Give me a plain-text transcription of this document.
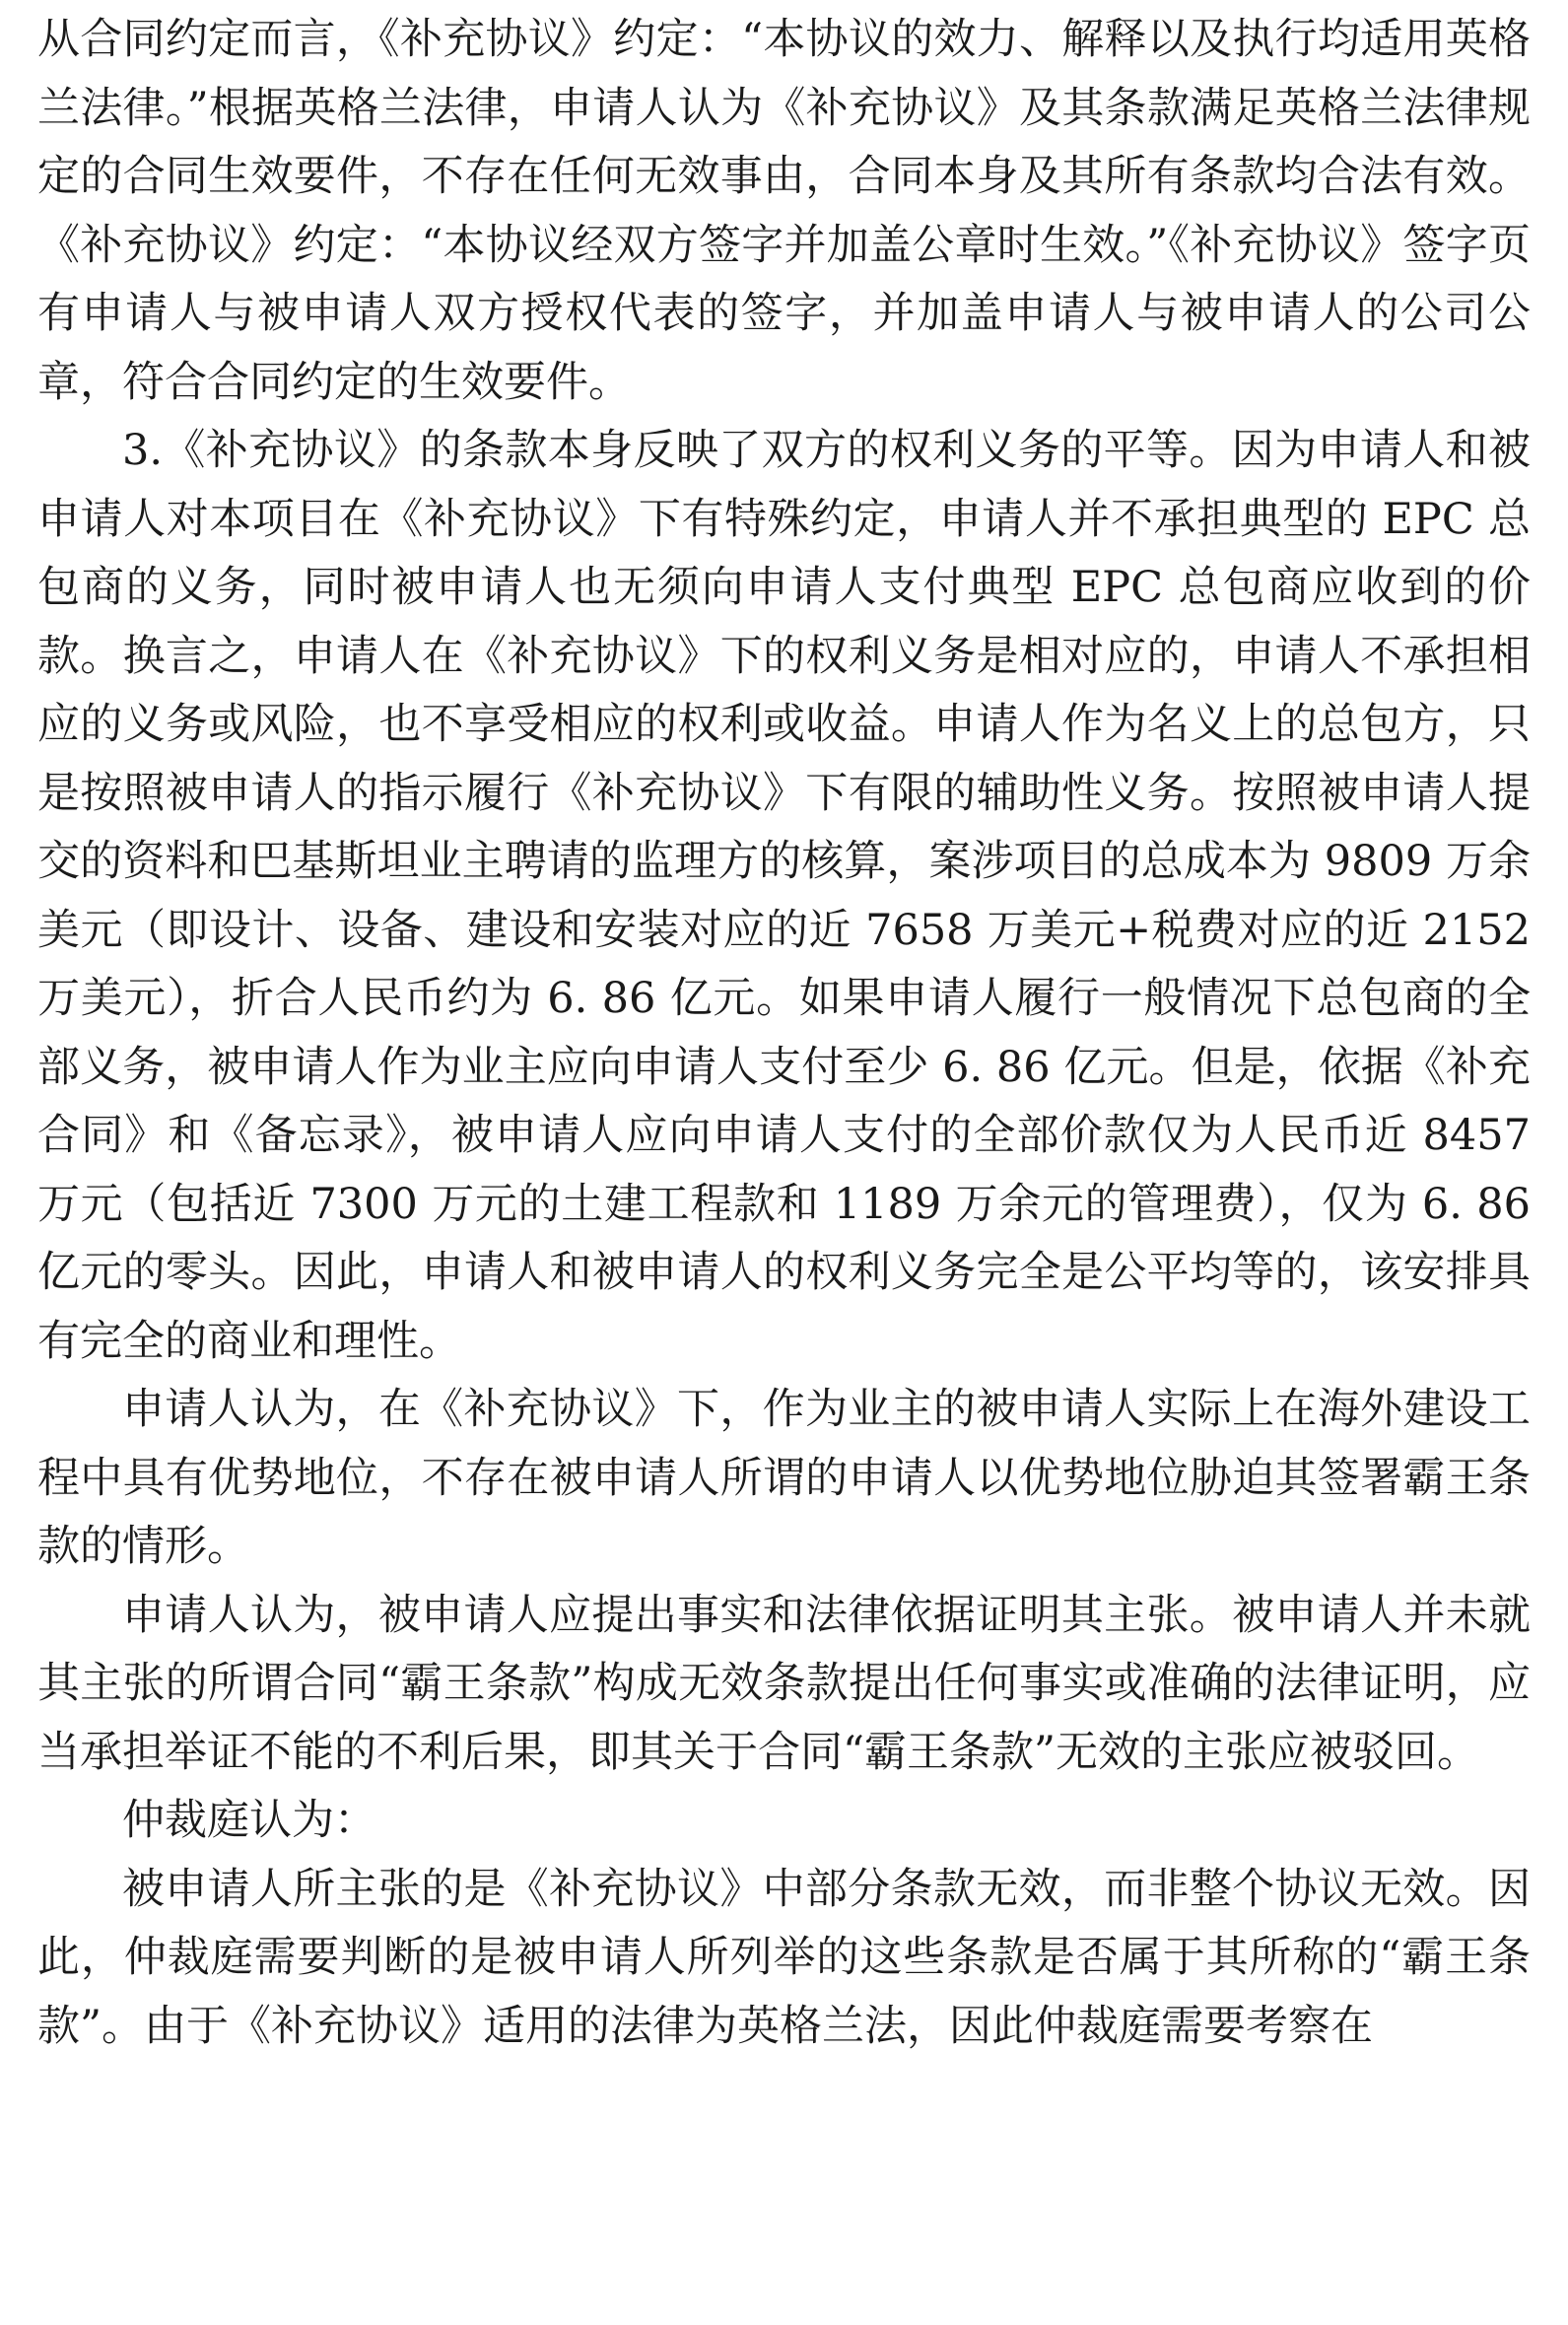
从合同约定而言，《补充协议》约定：“本协议的效力、解释以及执行均适用英格兰法律。”根据英格兰法律，申请人认为《补充协议》及其条款满足英格兰法律规定的合同生效要件，不存在任何无效事由，合同本身及其所有条款均合法有效。《补充协议》约定：“本协议经双方签字并加盖公章时生效。”《补充协议》签字页有申请人与被申请人双方授权代表的签字，并加盖申请人与被申请人的公司公章，符合合同约定的生效要件。

3.《补充协议》的条款本身反映了双方的权利义务的平等。因为申请人和被申请人对本项目在《补充协议》下有特殊约定，申请人并不承担典型的 EPC 总包商的义务，同时被申请人也无须向申请人支付典型 EPC 总包商应收到的价款。换言之，申请人在《补充协议》下的权利义务是相对应的，申请人不承担相应的义务或风险，也不享受相应的权利或收益。申请人作为名义上的总包方，只是按照被申请人的指示履行《补充协议》下有限的辅助性义务。按照被申请人提交的资料和巴基斯坦业主聘请的监理方的核算，案涉项目的总成本为 9809 万余美元（即设计、设备、建设和安装对应的近 7658 万美元+税费对应的近 2152 万美元），折合人民币约为 6. 86 亿元。如果申请人履行一般情况下总包商的全部义务，被申请人作为业主应向申请人支付至少 6. 86 亿元。但是，依据《补充合同》和《备忘录》，被申请人应向申请人支付的全部价款仅为人民币近 8457 万元（包括近 7300 万元的土建工程款和 1189 万余元的管理费），仅为 6. 86 亿元的零头。因此，申请人和被申请人的权利义务完全是公平均等的，该安排具有完全的商业和理性。

申请人认为，在《补充协议》下，作为业主的被申请人实际上在海外建设工程中具有优势地位，不存在被申请人所谓的申请人以优势地位胁迫其签署霸王条款的情形。

申请人认为，被申请人应提出事实和法律依据证明其主张。被申请人并未就其主张的所谓合同“霸王条款”构成无效条款提出任何事实或准确的法律证明，应当承担举证不能的不利后果，即其关于合同“霸王条款”无效的主张应被驳回。

仲裁庭认为：

被申请人所主张的是《补充协议》中部分条款无效，而非整个协议无效。因此，仲裁庭需要判断的是被申请人所列举的这些条款是否属于其所称的“霸王条款”。由于《补充协议》适用的法律为英格兰法，因此仲裁庭需要考察在
